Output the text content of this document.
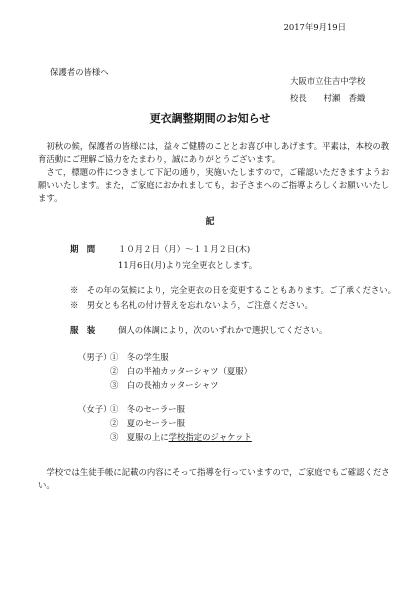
2017年9月19日
保護者の皆様へ
大阪市立住吉中学校
校長　　村瀬　香織
更衣調整期間のお知らせ
初秋の候，保護者の皆様には，益々ご健勝のこととお喜び申しあげます。平素は，本校の教育活動にご理解ご協力をたまわり，誠にありがとうございます。
さて，標題の件につきまして下記の通り，実施いたしますので，ご確認いただきますようお願いいたします。また，ご家庭におかれましても，お子さまへのご指導よろしくお願いいたします。
記
期　間	１０月２日（月）～１１月２日(木)
11月6日(月)より完全更衣とします。
※　その年の気候により，完全更衣の日を変更することもあります。ご了承ください。
※　男女とも名札の付け替えを忘れないよう，ご注意ください。
服　装	個人の体調により，次のいずれかで選択してください。
（男子）
①　冬の学生服
②　白の半袖カッターシャツ（夏服）
③　白の長袖カッターシャツ
（女子）
①　冬のセーラー服
②　夏のセーラー服
③　夏服の上に学校指定のジャケット
学校では生徒手帳に記載の内容にそって指導を行っていますので，ご家庭でもご確認ください。
